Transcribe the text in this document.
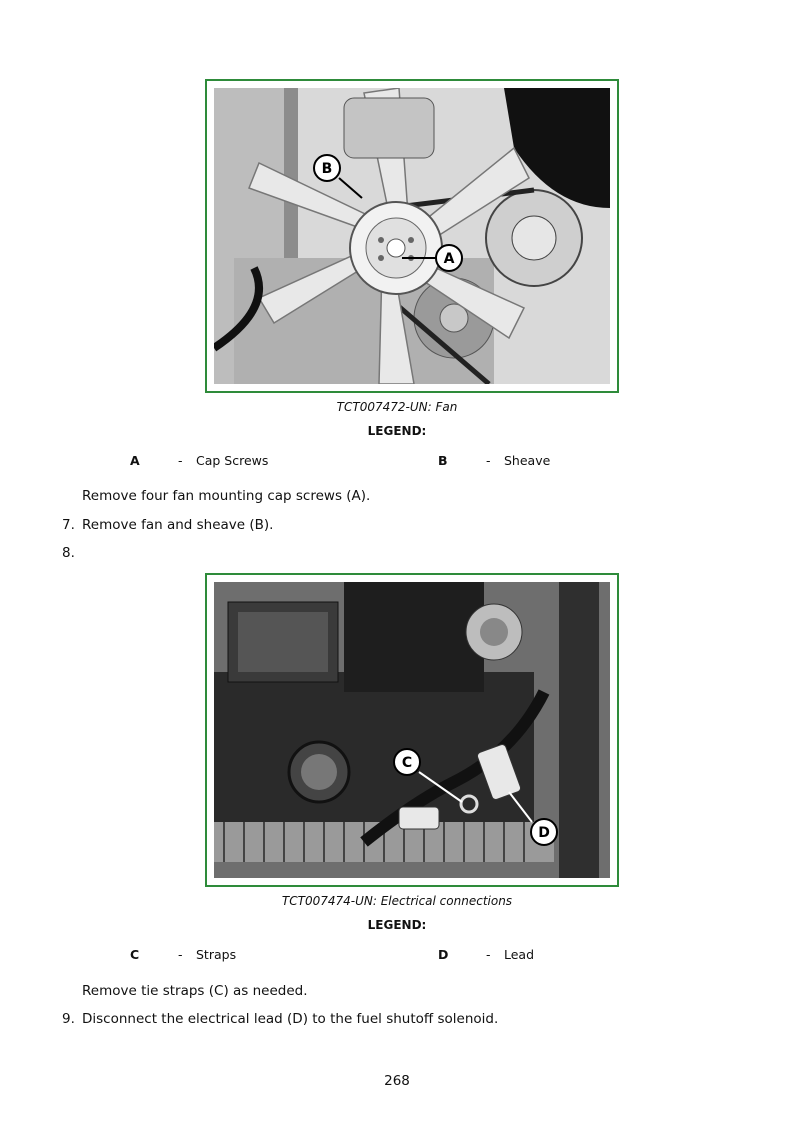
B
A
TCT007472-UN: Fan
LEGEND:
A	- Cap Screws	B	- Sheave
Remove four fan mounting cap screws (A).
7. Remove fan and sheave (B).
8.
C
D
TCT007474-UN: Electrical connections
LEGEND:
C	- Straps	D	- Lead
Remove tie straps (C) as needed.
9. Disconnect the electrical lead (D) to the fuel shutoff solenoid.
268
